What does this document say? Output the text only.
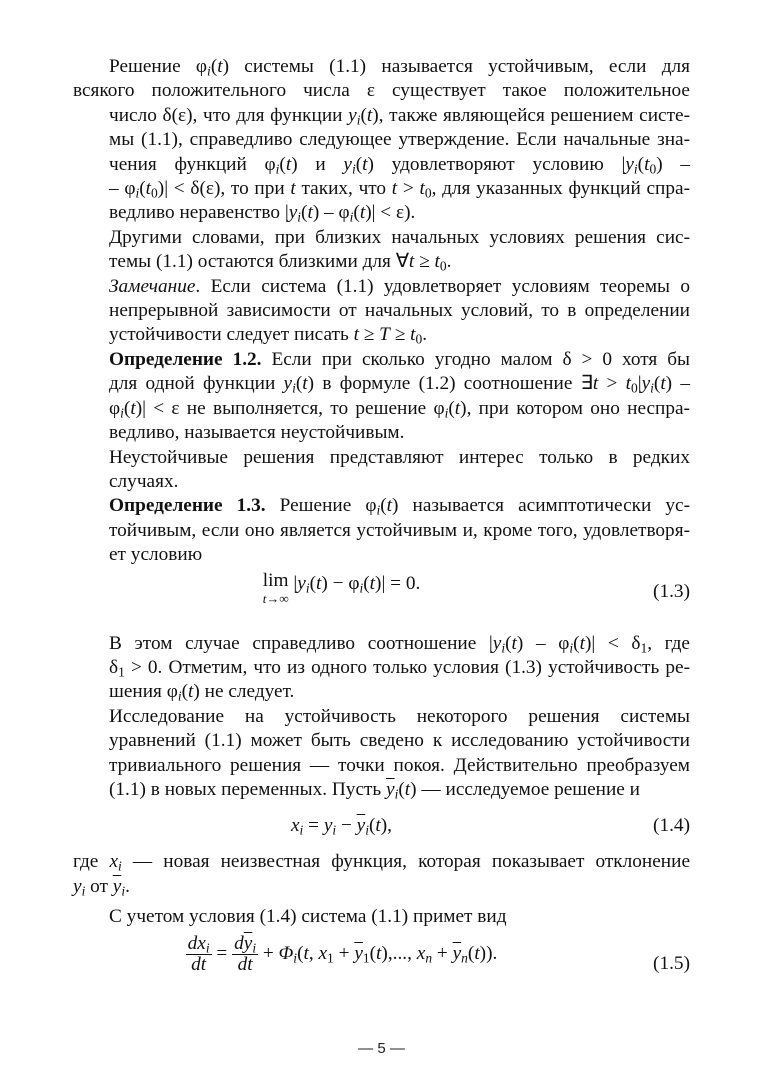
Решение $\varphi_i(t)$ системы (1.1) называется устойчивым, если для
всякого положительного числа ε существует такое положительное
число δ(ε), что для функции $y_i(t)$, также являющейся решением систе-
мы (1.1), справедливо следующее утверждение. Если начальные зна-
чения функций $\varphi_i(t)$ и $y_i(t)$ удовлетворяют условию $|y_i(t_0)$ –
– $\varphi_i(t_0)| < \delta(\varepsilon)$, то при t таких, что $t > t_0$, для указанных функций спра-
ведливо неравенство $|y_i(t) - \varphi_i(t)| < \varepsilon$).

Другими словами, при близких начальных условиях решения сис-
темы (1.1) остаются близкими для ∀t ≥ $t_0$.

Замечание. Если система (1.1) удовлетворяет условиям теоремы о
непрерывной зависимости от начальных условий, то в определении
устойчивости следует писать $t \ge T \ge t_0$.

Определение 1.2. Если при сколько угодно малом δ > 0 хотя бы
для одной функции $y_i(t)$ в формуле (1.2) соотношение ∃t > $t_0|y_i(t)$ –
$\varphi_i(t)| < \varepsilon$ не выполняется, то решение $\varphi_i(t)$, при котором оно неспра-
ведливо, называется неустойчивым.

Неустойчивые решения представляют интерес только в редких
случаях.

Определение 1.3. Решение $\varphi_i(t)$ называется асимптотически ус-
тойчивым, если оно является устойчивым и, кроме того, удовлетворя-
ет условию

lim
t→∞
$|y_i(t) - \varphi_i(t)| = 0$.	(1.3)

В этом случае справедливо соотношение $|y_i(t) - \varphi_i(t)| < \delta_1$, где
$\delta_1 > 0$. Отметим, что из одного только условия (1.3) устойчивость ре-
шения $\varphi_i(t)$ не следует.

Исследование на устойчивость некоторого решения системы
уравнений (1.1) может быть сведено к исследованию устойчивости
тривиального решения — точки покоя. Действительно преобразуем
(1.1) в новых переменных. Пусть $\overline{y}_i(t)$ — исследуемое решение и

$x_i = y_i - \overline{y}_i(t)$,	(1.4)

где $x_i$ — новая неизвестная функция, которая показывает отклонение
$y_i$ от $\overline{y}_i$.

С учетом условия (1.4) система (1.1) примет вид

$\frac{dx_i}{dt} = \frac{d\overline{y}_i}{dt} + \Phi_i(t$, $x_1 + \overline{y}_1(t)$,..., $x_n + \overline{y}_n(t)$).	(1.5)
— 5 —
